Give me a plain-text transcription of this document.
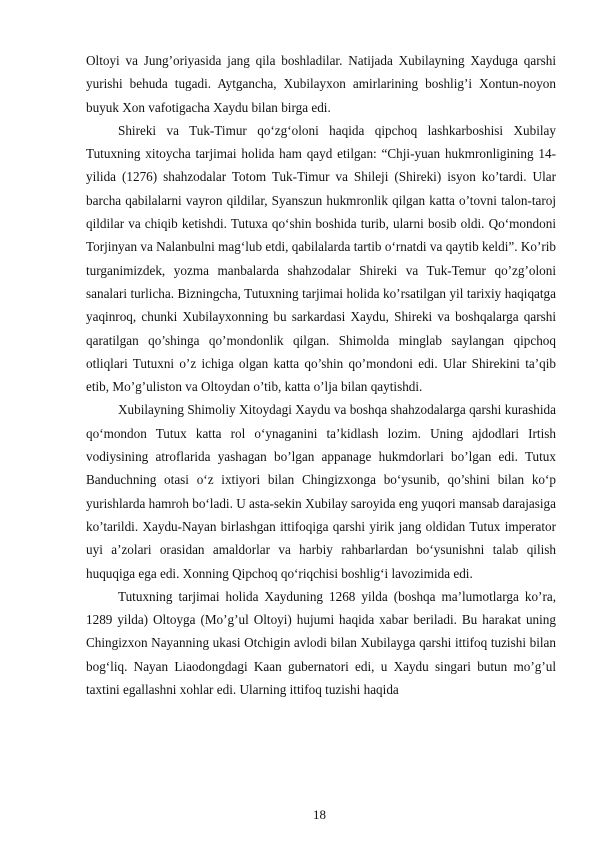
Oltoyi va Jung’oriyasida jang qila boshladilar. Natijada Xubilayning Xayduga qarshi yurishi behuda tugadi. Aytgancha, Xubilayxon amirlarining boshlig’i Xontun-noyon buyuk Xon vafotigacha Xaydu bilan birga edi.

Shireki va Tuk-Timur qo‘zg‘oloni haqida qipchoq lashkarboshisi Xubilay Tutuxning xitoycha tarjimai holida ham qayd etilgan: “Chji-yuan hukmronligining 14-yilida (1276) shahzodalar Totom Tuk-Timur va Shileji (Shireki) isyon ko’tardi. Ular barcha qabilalarni vayron qildilar, Syanszun hukmronlik qilgan katta o’tovni talon-taroj qildilar va chiqib ketishdi. Tutuxa qo‘shin boshida turib, ularni bosib oldi. Qo‘mondoni Torjinyan va Nalanbulni mag‘lub etdi, qabilalarda tartib o‘rnatdi va qaytib keldi”. Ko’rib turganimizdek, yozma manbalarda shahzodalar Shireki va Tuk-Temur qo’zg’oloni sanalari turlicha. Bizningcha, Tutuxning tarjimai holida ko’rsatilgan yil tarixiy haqiqatga yaqinroq, chunki Xubilayxonning bu sarkardasi Xaydu, Shireki va boshqalarga qarshi qaratilgan qo’shinga qo’mondonlik qilgan. Shimolda minglab saylangan qipchoq otliqlari Tutuxni o’z ichiga olgan katta qo’shin qo’mondoni edi. Ular Shirekini ta’qib etib, Mo’g’uliston va Oltoydan o’tib, katta o’lja bilan qaytishdi.

Xubilayning Shimoliy Xitoydagi Xaydu va boshqa shahzodalarga qarshi kurashida qo‘mondon Tutux katta rol o‘ynaganini ta’kidlash lozim. Uning ajdodlari Irtish vodiysining atroflarida yashagan bo’lgan appanage hukmdorlari bo’lgan edi. Tutux Banduchning otasi o‘z ixtiyori bilan Chingizxonga bo‘ysunib, qo’shini bilan ko‘p yurishlarda hamroh bo‘ladi. U asta-sekin Xubilay saroyida eng yuqori mansab darajasiga ko’tarildi. Xaydu-Nayan birlashgan ittifoqiga qarshi yirik jang oldidan Tutux imperator uyi a’zolari orasidan amaldorlar va harbiy rahbarlardan bo‘ysunishni talab qilish huquqiga ega edi. Xonning Qipchoq qo‘riqchisi boshlig‘i lavozimida edi.

Tutuxning tarjimai holida Xayduning 1268 yilda (boshqa ma’lumotlarga ko’ra, 1289 yilda) Oltoyga (Mo’g’ul Oltoyi) hujumi haqida xabar beriladi. Bu harakat uning Chingizxon Nayanning ukasi Otchigin avlodi bilan Xubilayga qarshi ittifoq tuzishi bilan bog‘liq. Nayan Liaodongdagi Kaan gubernatori edi, u Xaydu singari butun mo’g’ul taxtini egallashni xohlar edi. Ularning ittifoq tuzishi haqida

18
